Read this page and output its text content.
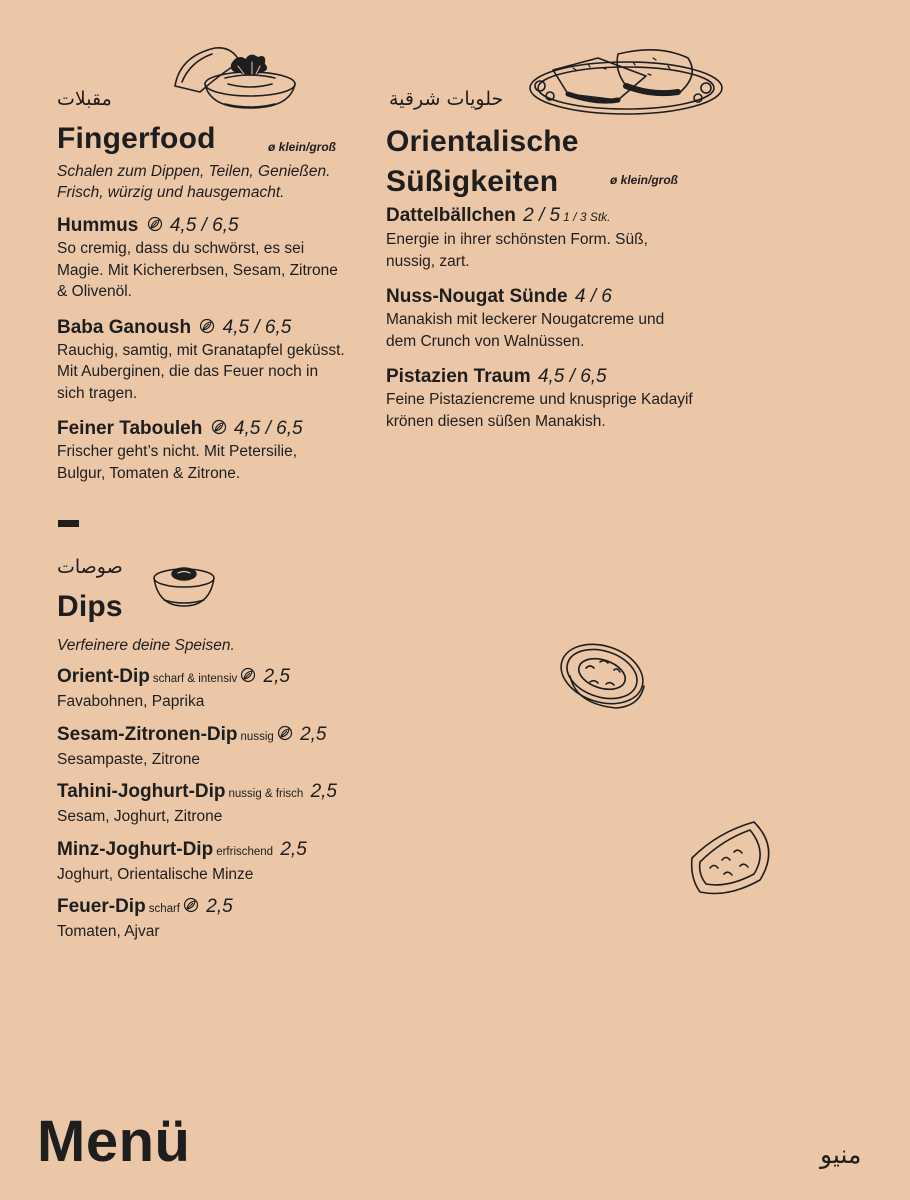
مقبلات
Fingerfood	ø klein/groß
Schalen zum Dippen, Teilen, Genießen. Frisch, würzig und hausgemacht.
Hummus 4,5 / 6,5
So cremig, dass du schwörst, es sei Magie. Mit Kichererbsen, Sesam, Zitrone & Olivenöl.
Baba Ganoush 4,5 / 6,5
Rauchig, samtig, mit Granatapfel geküsst. Mit Auberginen, die das Feuer noch in sich tragen.
Feiner Tabouleh 4,5 / 6,5
Frischer geht’s nicht. Mit Petersilie, Bulgur, Tomaten & Zitrone.
صوصات
Dips
Verfeinere deine Speisen.
Orient-Dip scharf & intensiv 2,5
Favabohnen, Paprika
Sesam-Zitronen-Dip nussig 2,5
Sesampaste, Zitrone
Tahini-Joghurt-Dip nussig & frisch 2,5
Sesam, Joghurt, Zitrone
Minz-Joghurt-Dip erfrischend 2,5
Joghurt, Orientalische Minze
Feuer-Dip scharf 2,5
Tomaten, Ajvar
حلويات شرقية
Orientalische
Süßigkeiten	ø klein/groß
Dattelbällchen 2 / 5 1 / 3 Stk.
Energie in ihrer schönsten Form. Süß, nussig, zart.
Nuss-Nougat Sünde 4 / 6
Manakish mit leckerer Nougatcreme und dem Crunch von Walnüssen.
Pistazien Traum 4,5 / 6,5
Feine Pistaziencreme und knusprige Kadayif krönen diesen süßen Manakish.
Menü	منيو
